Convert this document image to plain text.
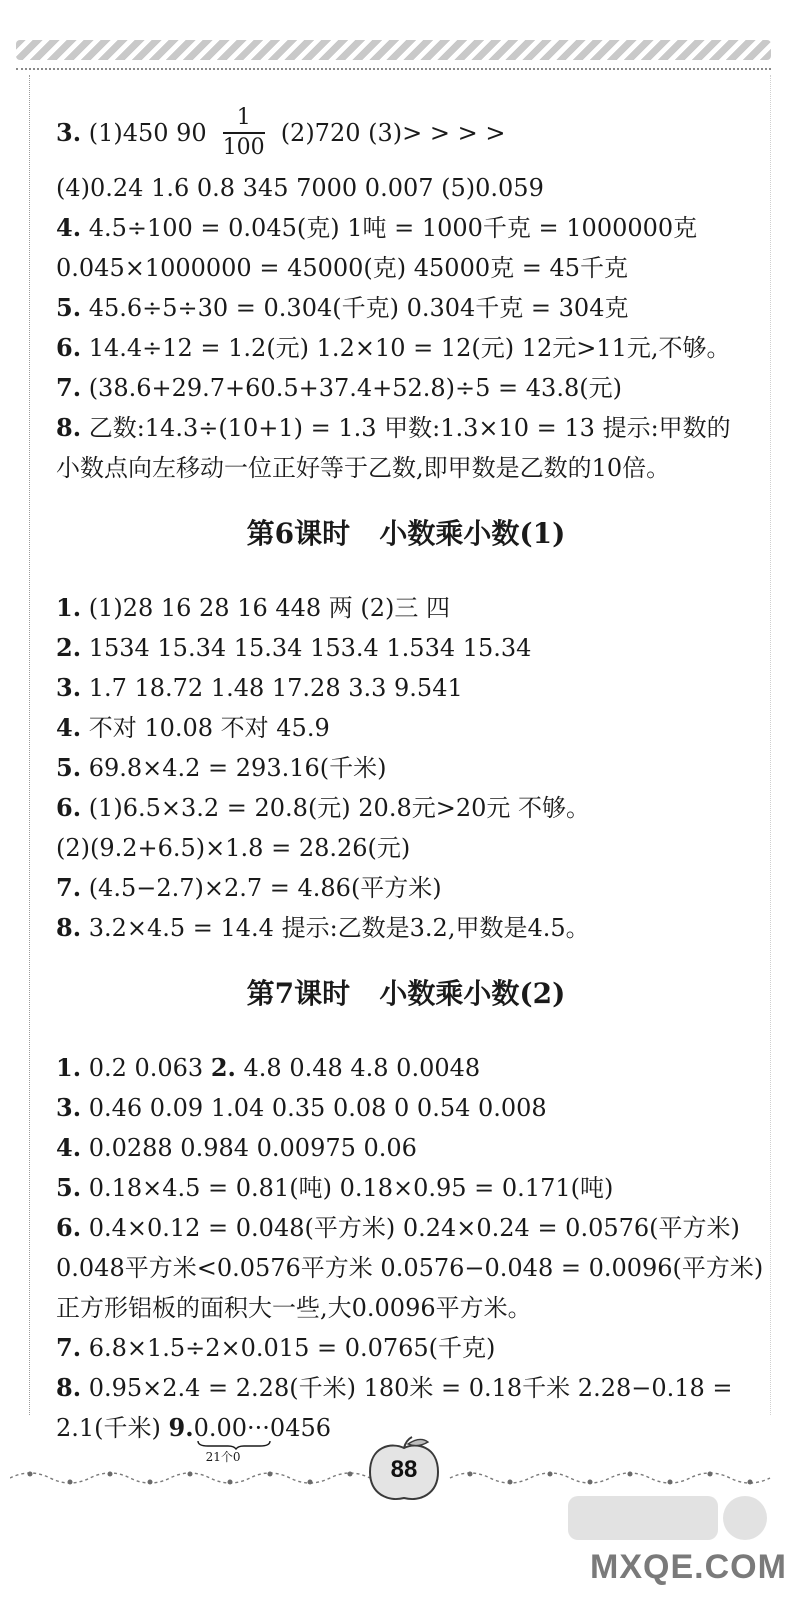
3. (1)450 $90 \frac{1}{100} (2)720$ (3)> > > >
(4)0.24 1.6 0.8 345 7000 0.007 (5)0.059
4. 4.5÷100 = 0.045(克) 1吨 = 1000千克 = 1000000克
0.045×1000000 = 45000(克) 45000克 = 45千克
5. 45.6÷5÷30 = 0.304(千克) 0.304千克 = 304克
6. 14.4÷12 = 1.2(元) 1.2×10 = 12(元) 12元>11元,不够。
7. (38.6+29.7+60.5+37.4+52.8)÷5 = 43.8(元)
8. 乙数:14.3÷(10+1) = 1.3 甲数:1.3×10 = 13 提示:甲数的
小数点向左移动一位正好等于乙数,即甲数是乙数的10倍。
第6课时   小数乘小数(1)
1. (1)28 16 28 16 448 两 (2)三 四
2. 1534 15.34 15.34 153.4 1.534 15.34
3. 1.7 18.72 1.48 17.28 3.3 9.541
4. 不对 10.08 不对 45.9
5. 69.8×4.2 = 293.16(千米)
6. (1)6.5×3.2 = 20.8(元) 20.8元>20元 不够。
(2)(9.2+6.5)×1.8 = 28.26(元)
7. (4.5−2.7)×2.7 = 4.86(平方米)
8. 3.2×4.5 = 14.4 提示:乙数是3.2,甲数是4.5。
第7课时   小数乘小数(2)
1. 0.2 0.063 2. 4.8 0.48 4.8 0.0048
3. 0.46 0.09 1.04 0.35 0.08 0 0.54 0.008
4. 0.0288 0.984 0.00975 0.06
5. 0.18×4.5 = 0.81(吨) 0.18×0.95 = 0.171(吨)
6. 0.4×0.12 = 0.048(平方米) 0.24×0.24 = 0.0576(平方米)
0.048平方米<0.0576平方米 0.0576−0.048 = 0.0096(平方米)
正方形铝板的面积大一些,大0.0096平方米。
7. 6.8×1.5÷2×0.015 = 0.0765(千克)
8. 0.95×2.4 = 2.28(千米) 180米 = 0.18千米 2.28−0.18 =
2.1(千米) 9. 0.00···0456
21个0	88
MXQE.COM
